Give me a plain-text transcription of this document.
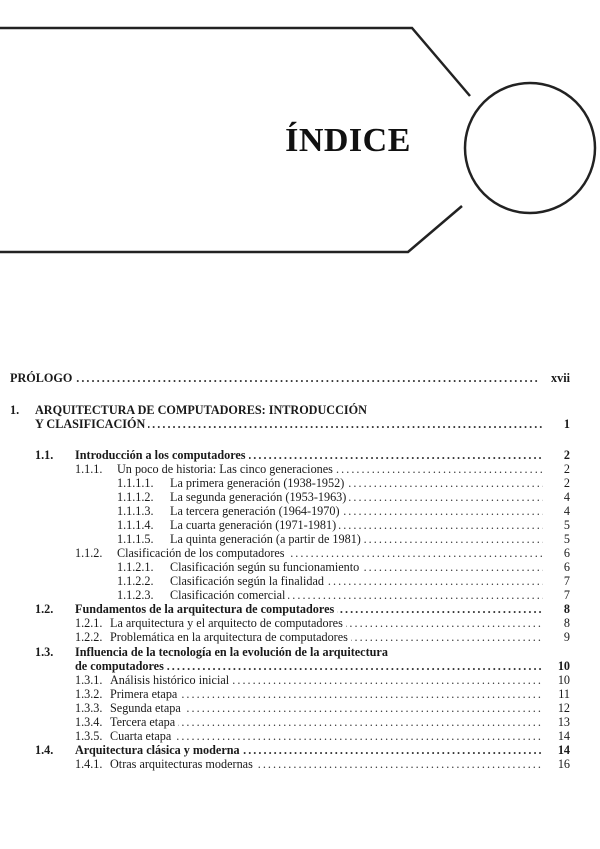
ÍNDICE
PRÓLOGO . . .	xvii
1. ARQUITECTURA DE COMPUTADORES: INTRODUCCIÓN
Y CLASIFICACIÓN . . .	1
1.1. Introducción a los computadores . . .	2
1.1.1. Un poco de historia: Las cinco generaciones . . .	2
1.1.1.1. La primera generación (1938-1952) . . .	2
1.1.1.2. La segunda generación (1953-1963) . . .	4
1.1.1.3. La tercera generación (1964-1970) . . .	4
1.1.1.4. La cuarta generación (1971-1981) . . .	5
1.1.1.5. La quinta generación (a partir de 1981) . . .	5
1.1.2. Clasificación de los computadores . . .	6
1.1.2.1. Clasificación según su funcionamiento . . .	6
1.1.2.2. Clasificación según la finalidad . . .	7
1.1.2.3. Clasificación comercial . . .	7
1.2. Fundamentos de la arquitectura de computadores . . .	8
1.2.1. La arquitectura y el arquitecto de computadores . . .	8
1.2.2. Problemática en la arquitectura de computadores . . .	9
1.3. Influencia de la tecnología en la evolución de la arquitectura
de computadores . . .	10
1.3.1. Análisis histórico inicial . . .	10
1.3.2. Primera etapa . . .	11
1.3.3. Segunda etapa . . .	12
1.3.4. Tercera etapa . . .	13
1.3.5. Cuarta etapa . . .	14
1.4. Arquitectura clásica y moderna . . .	14
1.4.1. Otras arquitecturas modernas . . .	16
